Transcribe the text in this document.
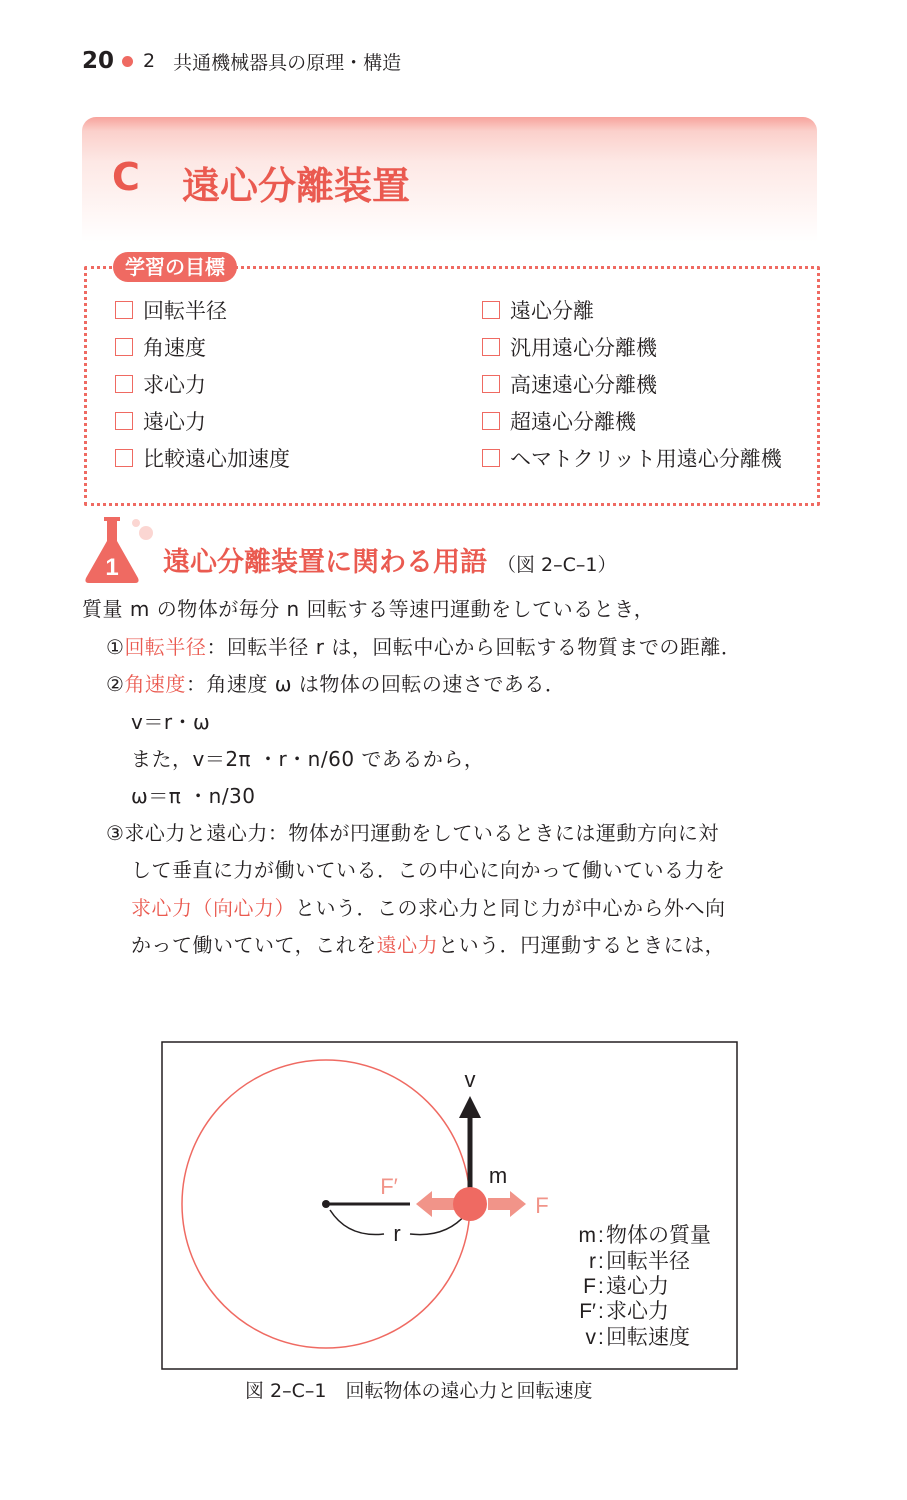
20 2 共通機械器具の原理・構造
C 遠心分離装置
学習の目標
回転半径
角速度
求心力
遠心力
比較遠心加速度
遠心分離
汎用遠心分離機
高速遠心分離機
超遠心分離機
ヘマトクリット用遠心分離機
1 遠心分離装置に関わる用語 （図 2–C–1）
質量 m の物体が毎分 n 回転する等速円運動をしているとき，
①回転半径：回転半径 r は，回転中心から回転する物質までの距離．
②角速度：角速度 ω は物体の回転の速さである．
v＝r・ω
また，v＝2π ・r・n/60 であるから，
ω＝π ・n/30
③求心力と遠心力：物体が円運動をしているときには運動方向に対
して垂直に力が働いている．この中心に向かって働いている力を
求心力（向心力）という．この求心力と同じ力が中心から外へ向
かって働いていて，これを遠心力という．円運動するときには，
r
v
m
F′
F
m : 物体の質量
r : 回転半径
F : 遠心力
F′ : 求心力
v : 回転速度
図 2–C–1　回転物体の遠心力と回転速度
